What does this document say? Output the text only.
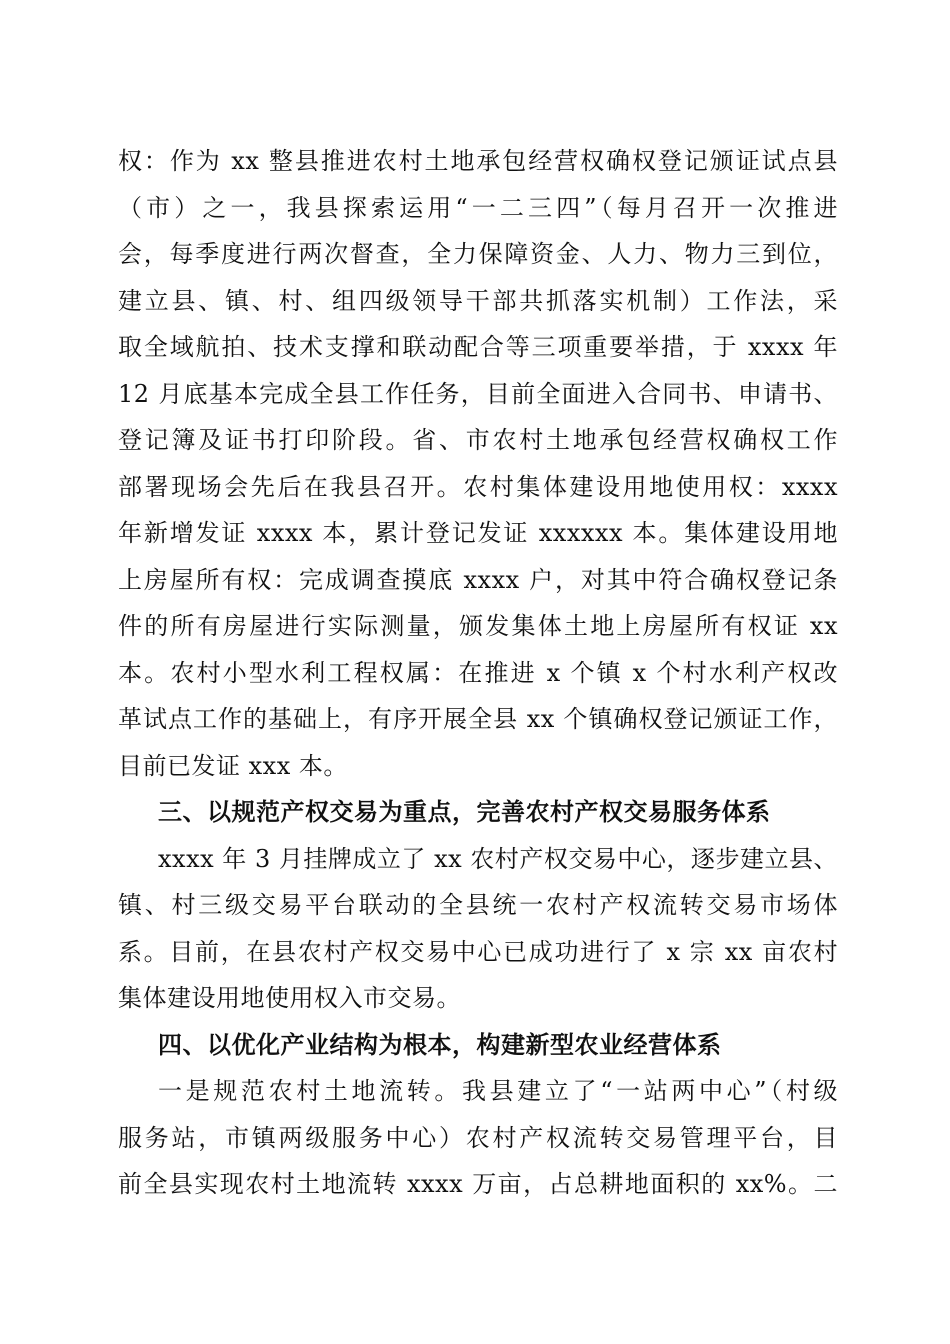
权：作为 xx 整县推进农村土地承包经营权确权登记颁证试点县
（市）之一，我县探索运用“一二三四”（每月召开一次推进
会，每季度进行两次督查，全力保障资金、人力、物力三到位，
建立县、镇、村、组四级领导干部共抓落实机制）工作法，采
取全域航拍、技术支撑和联动配合等三项重要举措，于 xxxx 年
12 月底基本完成全县工作任务，目前全面进入合同书、申请书、
登记簿及证书打印阶段。省、市农村土地承包经营权确权工作
部署现场会先后在我县召开。农村集体建设用地使用权：xxxx
年新增发证 xxxx 本，累计登记发证 xxxxxx 本。集体建设用地
上房屋所有权：完成调查摸底 xxxx 户，对其中符合确权登记条
件的所有房屋进行实际测量，颁发集体土地上房屋所有权证 xx
本。农村小型水利工程权属：在推进 x 个镇 x 个村水利产权改
革试点工作的基础上，有序开展全县 xx 个镇确权登记颁证工作，
目前已发证 xxx 本。
三、以规范产权交易为重点，完善农村产权交易服务体系
xxxx 年 3 月挂牌成立了 xx 农村产权交易中心，逐步建立县、
镇、村三级交易平台联动的全县统一农村产权流转交易市场体
系。目前，在县农村产权交易中心已成功进行了 x 宗 xx 亩农村
集体建设用地使用权入市交易。
四、以优化产业结构为根本，构建新型农业经营体系
一是规范农村土地流转。我县建立了“一站两中心”（村级
服务站，市镇两级服务中心）农村产权流转交易管理平台，目
前全县实现农村土地流转 xxxx 万亩，占总耕地面积的 xx%。二
